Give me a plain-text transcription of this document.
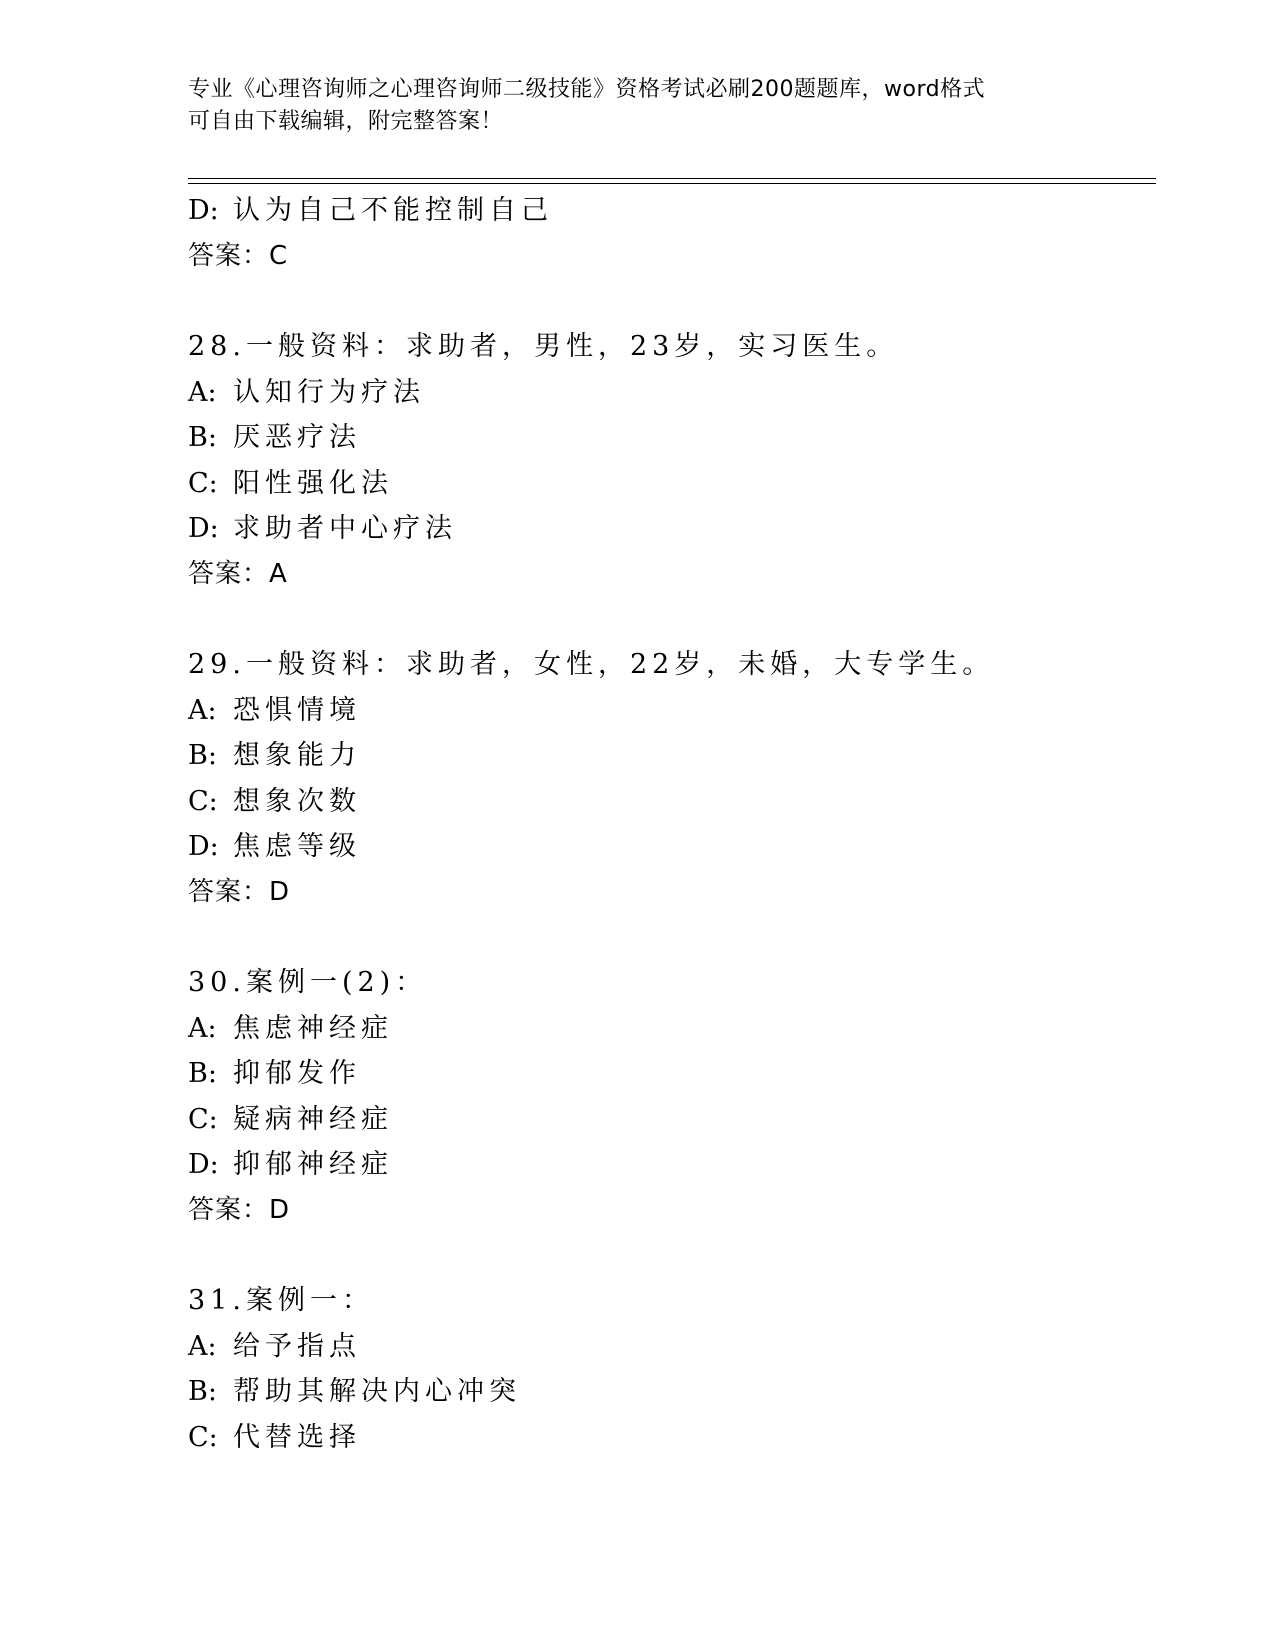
专业《心理咨询师之心理咨询师二级技能》资格考试必刷200题题库，word格式
可自由下载编辑，附完整答案！
D: 认为自己不能控制自己
答案：C
28.一般资料：求助者，男性，23岁，实习医生。
A: 认知行为疗法
B: 厌恶疗法
C: 阳性强化法
D: 求助者中心疗法
答案：A
29.一般资料：求助者，女性，22岁，未婚，大专学生。
A: 恐惧情境
B: 想象能力
C: 想象次数
D: 焦虑等级
答案：D
30.案例一(2)：
A: 焦虑神经症
B: 抑郁发作
C: 疑病神经症
D: 抑郁神经症
答案：D
31.案例一：
A: 给予指点
B: 帮助其解决内心冲突
C: 代替选择
